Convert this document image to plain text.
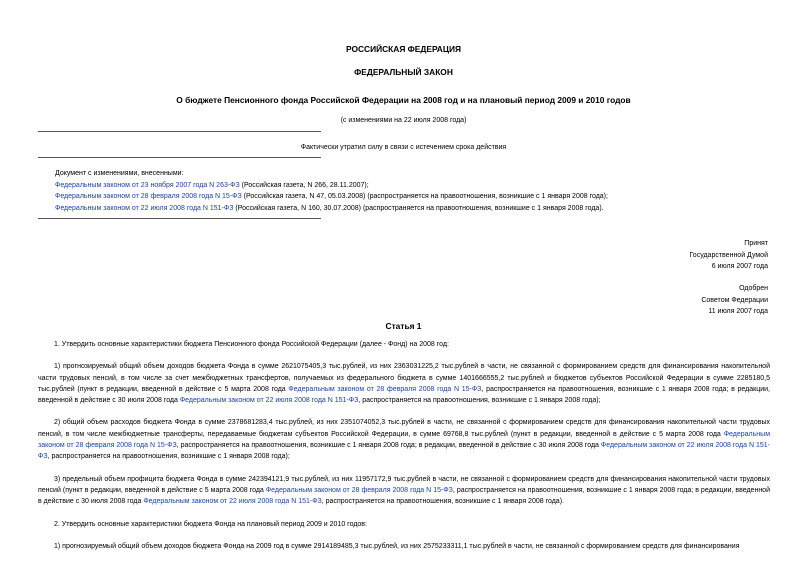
РОССИЙСКАЯ ФЕДЕРАЦИЯ
ФЕДЕРАЛЬНЫЙ ЗАКОН
О бюджете Пенсионного фонда Российской Федерации на 2008 год и на плановый период 2009 и 2010 годов
(с изменениями на 22 июля 2008 года)
Фактически утратил силу в связи с истечением срока действия
Документ с изменениями, внесенными:
Федеральным законом от 23 ноября 2007 года N 263-ФЗ (Российская газета, N 266, 28.11.2007);
Федеральным законом от 28 февраля 2008 года N 15-ФЗ (Российская газета, N 47, 05.03.2008) (распространяется на правоотношения, возникшие с 1 января 2008 года);
Федеральным законом от 22 июля 2008 года N 151-ФЗ (Российская газета, N 160, 30.07.2008) (распространяется на правоотношения, возникшие с 1 января 2008 года).
Принят
Государственной Думой
6 июля 2007 года
Одобрен
Советом Федерации
11 июля 2007 года
Статья 1

1. Утвердить основные характеристики бюджета Пенсионного фонда Российской Федерации (далее - Фонд) на 2008 год:

1) прогнозируемый общий объем доходов бюджета Фонда в сумме 2621075405,3 тыс.рублей, из них 2363031225,2 тыс.рублей в части, не связанной с формированием средств для финансирования накопительной части трудовых пенсий, в том числе за счет межбюджетных трансфертов, получаемых из федерального бюджета в сумме 1401666555,2 тыс.рублей и бюджетов субъектов Российской Федерации в сумме 2285180,5 тыс.рублей (пункт в редакции, введенной в действие с 5 марта 2008 года Федеральным законом от 28 февраля 2008 года N 15-ФЗ, распространяется на правоотношения, возникшие с 1 января 2008 года; в редакции, введенной в действие с 30 июля 2008 года Федеральным законом от 22 июля 2008 года N 151-ФЗ, распространяется на правоотношения, возникшие с 1 января 2008 года);

2) общий объем расходов бюджета Фонда в сумме 2378681283,4 тыс.рублей, из них 2351074052,3 тыс.рублей в части, не связанной с формированием средств для финансирования накопительной части трудовых пенсий, в том числе межбюджетные трансферты, передаваемые бюджетам субъектов Российской Федерации, в сумме 69768,8 тыс.рублей (пункт в редакции, введенной в действие с 5 марта 2008 года Федеральным законом от 28 февраля 2008 года N 15-ФЗ, распространяется на правоотношения, возникшие с 1 января 2008 года; в редакции, введенной в действие с 30 июля 2008 года Федеральным законом от 22 июля 2008 года N 151-ФЗ, распространяется на правоотношения, возникшие с 1 января 2008 года);

3) предельный объем профицита бюджета Фонда в сумме 242394121,9 тыс.рублей, из них 11957172,9 тыс.рублей в части, не связанной с формированием средств для финансирования накопительной части трудовых пенсий (пункт в редакции, введенной в действие с 5 марта 2008 года Федеральным законом от 28 февраля 2008 года N 15-ФЗ, распространяется на правоотношения, возникшие с 1 января 2008 года; в редакции, введенной в действие с 30 июля 2008 года Федеральным законом от 22 июля 2008 года N 151-ФЗ, распространяется на правоотношения, возникшие с 1 января 2008 года).

2. Утвердить основные характеристики бюджета Фонда на плановый период 2009 и 2010 годов:

1) прогнозируемый общий объем доходов бюджета Фонда на 2009 год в сумме 2914189485,3 тыс.рублей, из них 2575233311,1 тыс.рублей в части, не связанной с формированием средств для финансирования
